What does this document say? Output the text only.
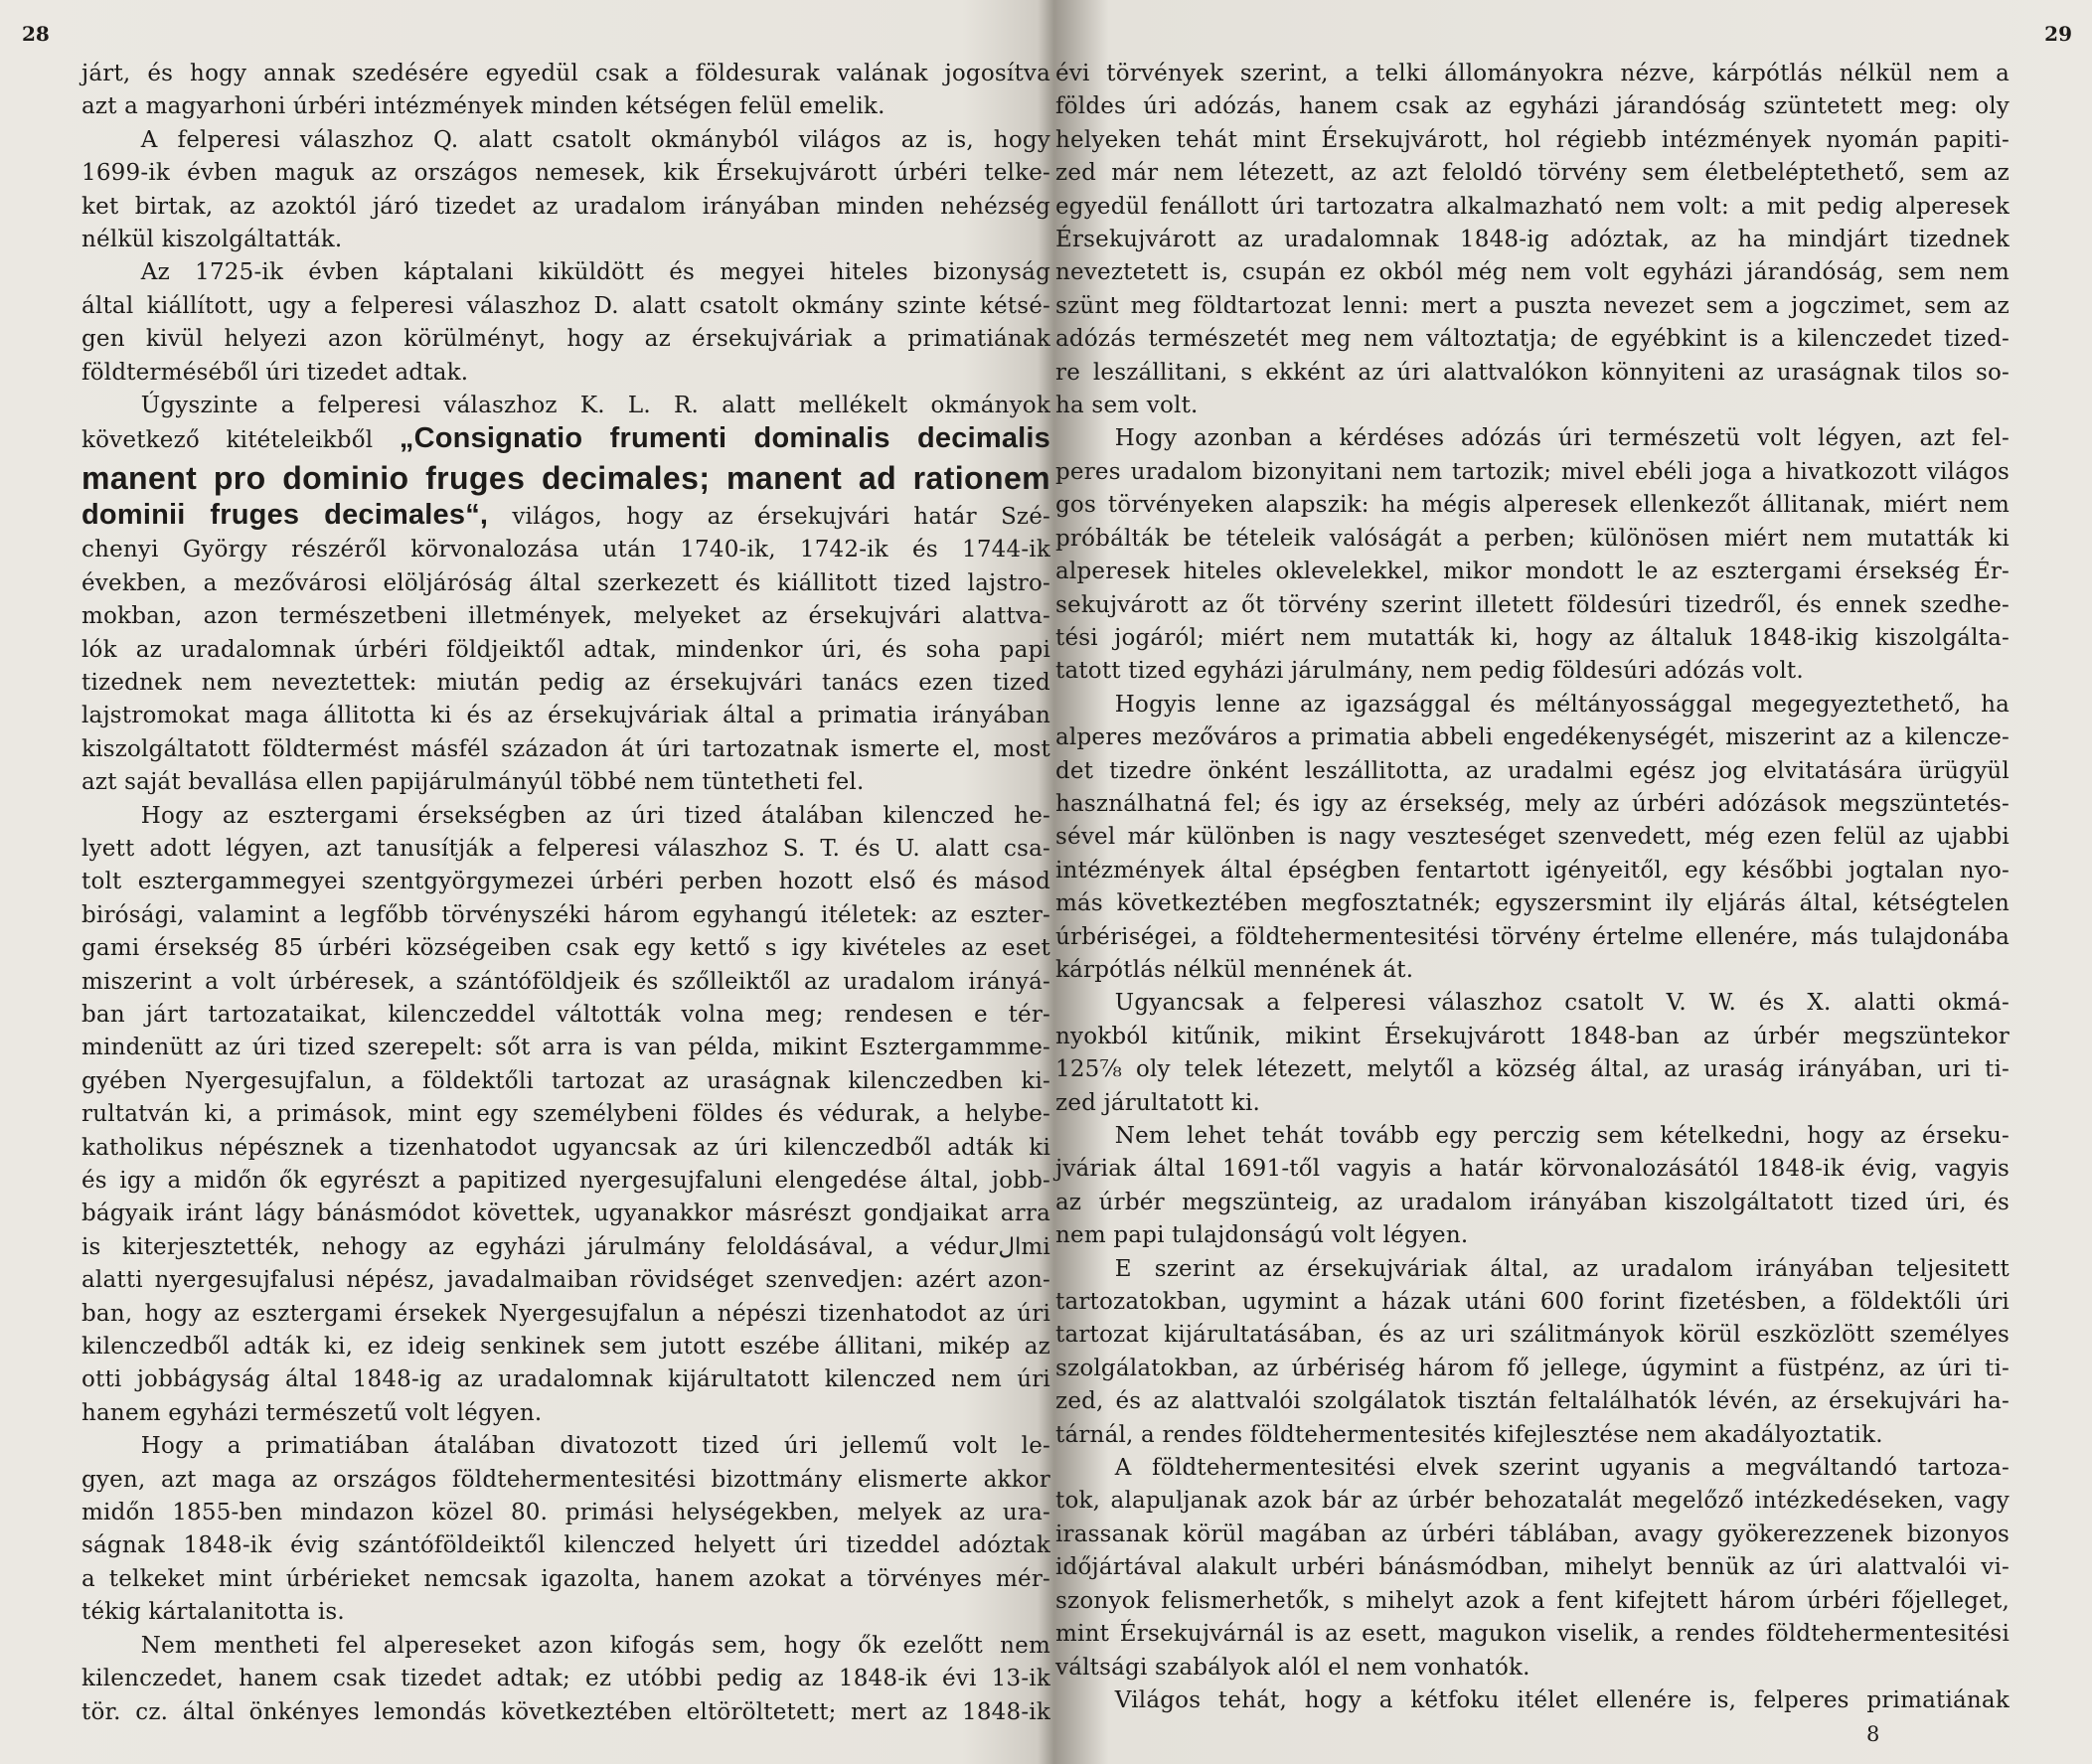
28
járt, és hogy annak szedésére egyedül csak a földesurak valának jogosítva
azt a magyarhoni úrbéri intézmények minden kétségen felül emelik.
A felperesi válaszhoz Q. alatt csatolt okmányból világos az is, hogy
1699-ik évben maguk az országos nemesek, kik Érsekujvárott úrbéri telke-
ket birtak, az azoktól járó tizedet az uradalom irányában minden nehézség
nélkül kiszolgáltatták.
Az 1725-ik évben káptalani kiküldött és megyei hiteles bizonyság
által kiállított, ugy a felperesi válaszhoz D. alatt csatolt okmány szinte kétsé-
gen kivül helyezi azon körülményt, hogy az érsekujváriak a primatiának
földterméséből úri tizedet adtak.
Úgyszinte a felperesi válaszhoz K. L. R. alatt mellékelt okmányok
következő kitételeikből „Consignatio frumenti dominalis decimalis
manent pro dominio fruges decimales; manent ad rationem
dominii fruges decimales“, világos, hogy az érsekujvári határ Szé-
chenyi György részéről körvonalozása után 1740-ik, 1742-ik és 1744-ik
években, a mezővárosi elöljáróság által szerkezett és kiállitott tized lajstro-
mokban, azon természetbeni illetmények, melyeket az érsekujvári alattva-
lók az uradalomnak úrbéri földjeiktől adtak, mindenkor úri, és soha papi
tizednek nem neveztettek: miután pedig az érsekujvári tanács ezen tized
lajstromokat maga állitotta ki és az érsekujváriak által a primatia irányában
kiszolgáltatott földtermést másfél századon át úri tartozatnak ismerte el, most
azt saját bevallása ellen papijárulmányúl többé nem tüntetheti fel.
Hogy az esztergami érsekségben az úri tized átalában kilenczed he-
lyett adott légyen, azt tanusítják a felperesi válaszhoz S. T. és U. alatt csa-
tolt esztergammegyei szentgyörgymezei úrbéri perben hozott első és másod
birósági, valamint a legfőbb törvényszéki három egyhangú itéletek: az eszter-
gami érsekség 85 úrbéri községeiben csak egy kettő s igy kivételes az eset
miszerint a volt úrbéresek, a szántóföldjeik és szőlleiktől az uradalom irányá-
ban járt tartozataikat, kilenczeddel váltották volna meg; rendesen e tér-
mindenütt az úri tized szerepelt: sőt arra is van példa, mikint Esztergammme-
gyében Nyergesujfalun, a földektőli tartozat az uraságnak kilenczedben ki-
rultatván ki, a primások, mint egy személybeni földes és védurak, a helybe-
katholikus népésznek a tizenhatodot ugyancsak az úri kilenczedből adták ki
és igy a midőn ők egyrészt a papitized nyergesujfaluni elengedése által, jobb-
bágyaik iránt lágy bánásmódot követtek, ugyanakkor másrészt gondjaikat arra
is kiterjesztették, nehogy az egyházi járulmány feloldásával, a védurالmi
alatti nyergesujfalusi népész, javadalmaiban rövidséget szenvedjen: azért azon-
ban, hogy az esztergami érsekek Nyergesujfalun a népészi tizenhatodot az úri
kilenczedből adták ki, ez ideig senkinek sem jutott eszébe állitani, mikép az
otti jobbágyság által 1848-ig az uradalomnak kijárultatott kilenczed nem úri
hanem egyházi természetű volt légyen.
Hogy a primatiában átalában divatozott tized úri jellemű volt le-
gyen, azt maga az országos földtehermentesitési bizottmány elismerte akkor
midőn 1855-ben mindazon közel 80. primási helységekben, melyek az ura-
ságnak 1848-ik évig szántóföldeiktől kilenczed helyett úri tizeddel adóztak
a telkeket mint úrbérieket nemcsak igazolta, hanem azokat a törvényes mér-
tékig kártalanitotta is.
Nem mentheti fel alpereseket azon kifogás sem, hogy ők ezelőtt nem
kilenczedet, hanem csak tizedet adtak; ez utóbbi pedig az 1848-ik évi 13-ik
tör. cz. által önkényes lemondás következtében eltöröltetett; mert az 1848-ik
29
évi törvények szerint, a telki állományokra nézve, kárpótlás nélkül nem a
földes úri adózás, hanem csak az egyházi járandóság szüntetett meg: oly
helyeken tehát mint Érsekujvárott, hol régiebb intézmények nyomán papiti-
zed már nem létezett, az azt feloldó törvény sem életbeléptethető, sem az
egyedül fenállott úri tartozatra alkalmazható nem volt: a mit pedig alperesek
Érsekujvárott az uradalomnak 1848-ig adóztak, az ha mindjárt tizednek
neveztetett is, csupán ez okból még nem volt egyházi járandóság, sem nem
szünt meg földtartozat lenni: mert a puszta nevezet sem a jogczimet, sem az
adózás természetét meg nem változtatja; de egyébkint is a kilenczedet tized-
re leszállitani, s ekként az úri alattvalókon könnyiteni az uraságnak tilos so-
ha sem volt.
Hogy azonban a kérdéses adózás úri természetü volt légyen, azt fel-
peres uradalom bizonyitani nem tartozik; mivel ebéli joga a hivatkozott világos
gos törvényeken alapszik: ha mégis alperesek ellenkezőt állitanak, miért nem
próbálták be tételeik valóságát a perben; különösen miért nem mutatták ki
alperesek hiteles oklevelekkel, mikor mondott le az esztergami érsekség Ér-
sekujvárott az őt törvény szerint illetett földesúri tizedről, és ennek szedhe-
tési jogáról; miért nem mutatták ki, hogy az általuk 1848-ikig kiszolgálta-
tatott tized egyházi járulmány, nem pedig földesúri adózás volt.
Hogyis lenne az igazsággal és méltányossággal megegyeztethető, ha
alperes mezőváros a primatia abbeli engedékenységét, miszerint az a kilencze-
det tizedre önként leszállitotta, az uradalmi egész jog elvitatására ürügyül
használhatná fel; és igy az érsekség, mely az úrbéri adózások megszüntetés-
sével már különben is nagy veszteséget szenvedett, még ezen felül az ujabbi
intézmények által épségben fentartott igényeitől, egy későbbi jogtalan nyo-
más következtében megfosztatnék; egyszersmint ily eljárás által, kétségtelen
úrbériségei, a földtehermentesitési törvény értelme ellenére, más tulajdonába
kárpótlás nélkül mennének át.
Ugyancsak a felperesi válaszhoz csatolt V. W. és X. alatti okmá-
nyokból kitűnik, mikint Érsekujvárott 1848-ban az úrbér megszüntekor
125⅞ oly telek létezett, melytől a község által, az uraság irányában, uri ti-
zed járultatott ki.
Nem lehet tehát tovább egy perczig sem kételkedni, hogy az érseku-
jváriak által 1691-től vagyis a határ körvonalozásától 1848-ik évig, vagyis
az úrbér megszünteig, az uradalom irányában kiszolgáltatott tized úri, és
nem papi tulajdonságú volt légyen.
E szerint az érsekujváriak által, az uradalom irányában teljesitett
tartozatokban, ugymint a házak utáni 600 forint fizetésben, a földektőli úri
tartozat kijárultatásában, és az uri szálitmányok körül eszközlött személyes
szolgálatokban, az úrbériség három fő jellege, úgymint a füstpénz, az úri ti-
zed, és az alattvalói szolgálatok tisztán feltalálhatók lévén, az érsekujvári ha-
tárnál, a rendes földtehermentesités kifejlesztése nem akadályoztatik.
A földtehermentesitési elvek szerint ugyanis a megváltandó tartoza-
tok, alapuljanak azok bár az úrbér behozatalát megelőző intézkedéseken, vagy
irassanak körül magában az úrbéri táblában, avagy gyökerezzenek bizonyos
időjártával alakult urbéri bánásmódban, mihelyt bennük az úri alattvalói vi-
szonyok felismerhetők, s mihelyt azok a fent kifejtett három úrbéri főjelleget,
mint Érsekujvárnál is az esett, magukon viselik, a rendes földtehermentesitési
váltsági szabályok alól el nem vonhatók.
Világos tehát, hogy a kétfoku itélet ellenére is, felperes primatiának
8
